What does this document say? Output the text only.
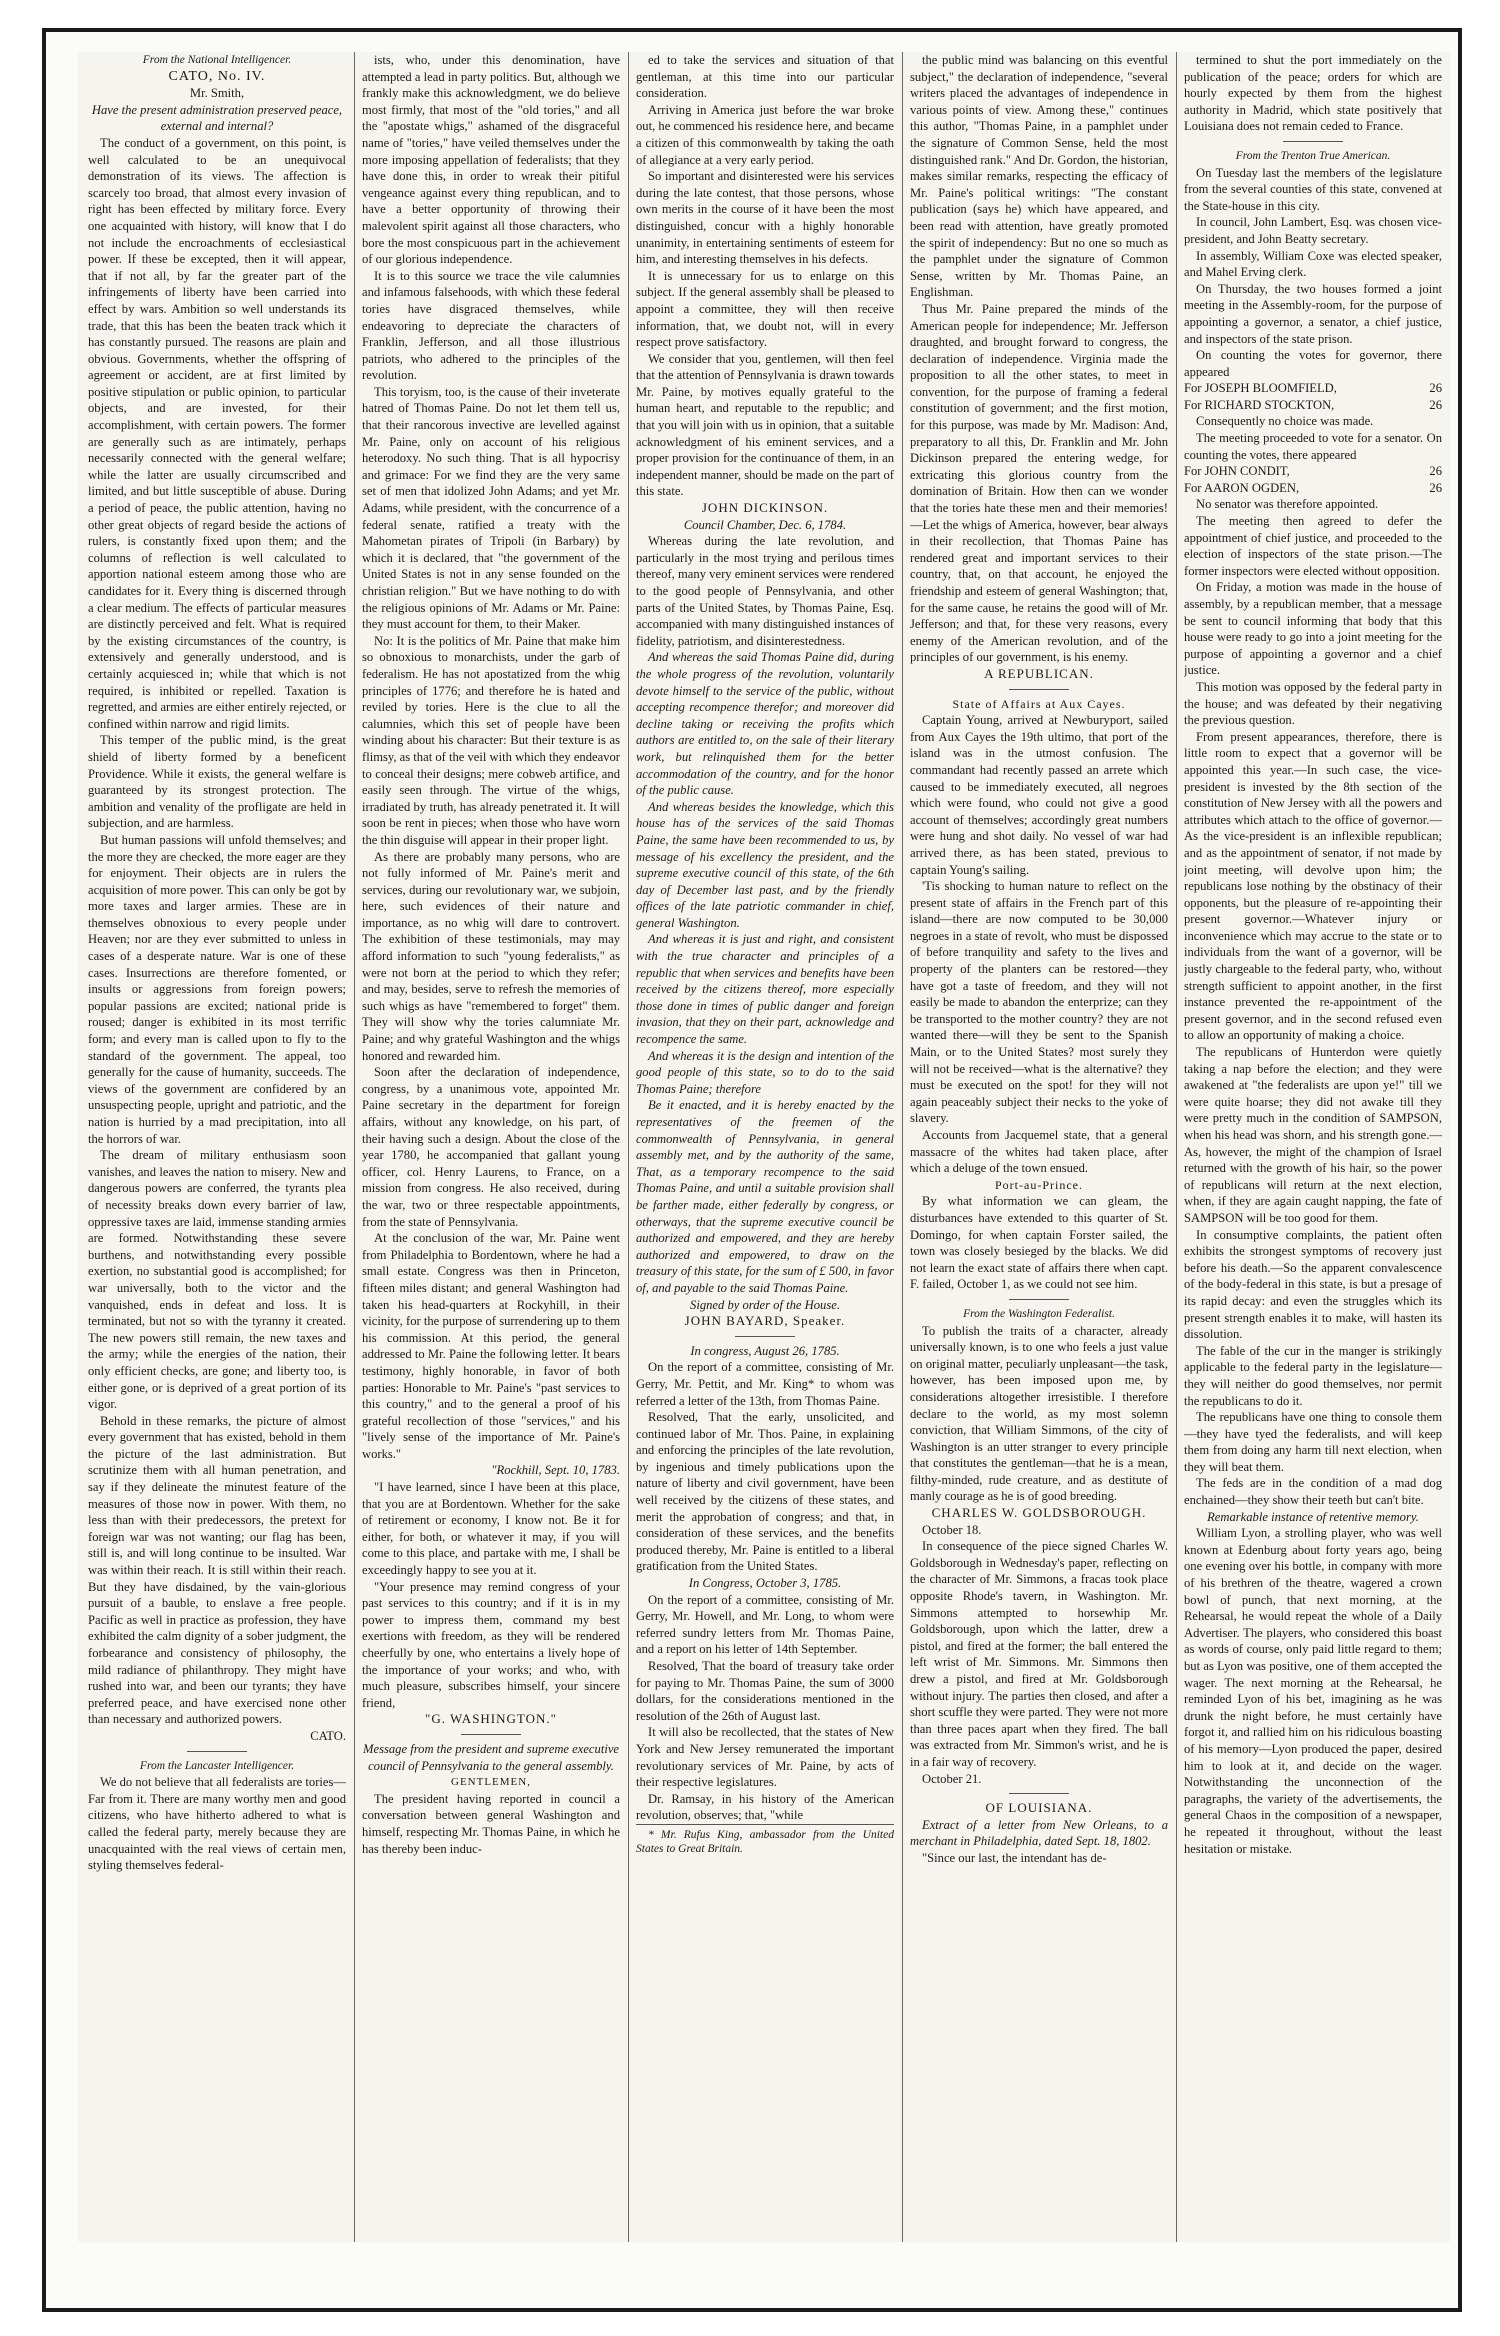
From the National Intelligencer.

CATO, No. IV.

Mr. Smith,

Have the present administration preserved peace, external and internal?

The conduct of a government, on this point, is well calculated to be an unequivocal demonstration of its views. The affection is scarcely too broad, that almost every invasion of right has been effected by military force. Every one acquainted with history, will know that I do not include the encroachments of ecclesiastical power. If these be excepted, then it will appear, that if not all, by far the greater part of the infringements of liberty have been carried into effect by wars. Ambition so well understands its trade, that this has been the beaten track which it has constantly pursued. The reasons are plain and obvious. Governments, whether the offspring of agreement or accident, are at first limited by positive stipulation or public opinion, to particular objects, and are invested, for their accomplishment, with certain powers. The former are generally such as are intimately, perhaps necessarily connected with the general welfare; while the latter are usually circumscribed and limited, and but little susceptible of abuse. During a period of peace, the public attention, having no other great objects of regard beside the actions of rulers, is constantly fixed upon them; and the columns of reflection is well calculated to apportion national esteem among those who are candidates for it. Every thing is discerned through a clear medium. The effects of particular measures are distinctly perceived and felt. What is required by the existing circumstances of the country, is extensively and generally understood, and is certainly acquiesced in; while that which is not required, is inhibited or repelled. Taxation is regretted, and armies are either entirely rejected, or confined within narrow and rigid limits.

This temper of the public mind, is the great shield of liberty formed by a beneficent Providence. While it exists, the general welfare is guaranteed by its strongest protection. The ambition and venality of the profligate are held in subjection, and are harmless.

But human passions will unfold themselves; and the more they are checked, the more eager are they for enjoyment. Their objects are in rulers the acquisition of more power. This can only be got by more taxes and larger armies. These are in themselves obnoxious to every people under Heaven; nor are they ever submitted to unless in cases of a desperate nature. War is one of these cases. Insurrections are therefore fomented, or insults or aggressions from foreign powers; popular passions are excited; national pride is roused; danger is exhibited in its most terrific form; and every man is called upon to fly to the standard of the government. The appeal, too generally for the cause of humanity, succeeds. The views of the government are confidered by an unsuspecting people, upright and patriotic, and the nation is hurried by a mad precipitation, into all the horrors of war.

The dream of military enthusiasm soon vanishes, and leaves the nation to misery. New and dangerous powers are conferred, the tyrants plea of necessity breaks down every barrier of law, oppressive taxes are laid, immense standing armies are formed. Notwithstanding these severe burthens, and notwithstanding every possible exertion, no substantial good is accomplished; for war universally, both to the victor and the vanquished, ends in defeat and loss. It is terminated, but not so with the tyranny it created. The new powers still remain, the new taxes and the army; while the energies of the nation, their only efficient checks, are gone; and liberty too, is either gone, or is deprived of a great portion of its vigor.

Behold in these remarks, the picture of almost every government that has existed, behold in them the picture of the last administration. But scrutinize them with all human penetration, and say if they delineate the minutest feature of the measures of those now in power. With them, no less than with their predecessors, the pretext for foreign war was not wanting; our flag has been, still is, and will long continue to be insulted. War was within their reach. It is still within their reach. But they have disdained, by the vain-glorious pursuit of a bauble, to enslave a free people. Pacific as well in practice as profession, they have exhibited the calm dignity of a sober judgment, the forbearance and consistency of philosophy, the mild radiance of philanthropy. They might have rushed into war, and been our tyrants; they have preferred peace, and have exercised none other than necessary and authorized powers.

CATO.

From the Lancaster Intelligencer.

We do not believe that all federalists are tories—Far from it. There are many worthy men and good citizens, who have hitherto adhered to what is called the federal party, merely because they are unacquainted with the real views of certain men, styling themselves federal-

ists, who, under this denomination, have attempted a lead in party politics. But, although we frankly make this acknowledgment, we do believe most firmly, that most of the "old tories," and all the "apostate whigs," ashamed of the disgraceful name of "tories," have veiled themselves under the more imposing appellation of federalists; that they have done this, in order to wreak their pitiful vengeance against every thing republican, and to have a better opportunity of throwing their malevolent spirit against all those characters, who bore the most conspicuous part in the achievement of our glorious independence.

It is to this source we trace the vile calumnies and infamous falsehoods, with which these federal tories have disgraced themselves, while endeavoring to depreciate the characters of Franklin, Jefferson, and all those illustrious patriots, who adhered to the principles of the revolution.

This toryism, too, is the cause of their inveterate hatred of Thomas Paine. Do not let them tell us, that their rancorous invective are levelled against Mr. Paine, only on account of his religious heterodoxy. No such thing. That is all hypocrisy and grimace: For we find they are the very same set of men that idolized John Adams; and yet Mr. Adams, while president, with the concurrence of a federal senate, ratified a treaty with the Mahometan pirates of Tripoli (in Barbary) by which it is declared, that "the government of the United States is not in any sense founded on the christian religion." But we have nothing to do with the religious opinions of Mr. Adams or Mr. Paine: they must account for them, to their Maker.

No: It is the politics of Mr. Paine that make him so obnoxious to monarchists, under the garb of federalism. He has not apostatized from the whig principles of 1776; and therefore he is hated and reviled by tories. Here is the clue to all the calumnies, which this set of people have been winding about his character: But their texture is as flimsy, as that of the veil with which they endeavor to conceal their designs; mere cobweb artifice, and easily seen through. The virtue of the whigs, irradiated by truth, has already penetrated it. It will soon be rent in pieces; when those who have worn the thin disguise will appear in their proper light.

As there are probably many persons, who are not fully informed of Mr. Paine's merit and services, during our revolutionary war, we subjoin, here, such evidences of their nature and importance, as no whig will dare to controvert. The exhibition of these testimonials, may may afford information to such "young federalists," as were not born at the period to which they refer; and may, besides, serve to refresh the memories of such whigs as have "remembered to forget" them. They will show why the tories calumniate Mr. Paine; and why grateful Washington and the whigs honored and rewarded him.

Soon after the declaration of independence, congress, by a unanimous vote, appointed Mr. Paine secretary in the department for foreign affairs, without any knowledge, on his part, of their having such a design. About the close of the year 1780, he accompanied that gallant young officer, col. Henry Laurens, to France, on a mission from congress. He also received, during the war, two or three respectable appointments, from the state of Pennsylvania.

At the conclusion of the war, Mr. Paine went from Philadelphia to Bordentown, where he had a small estate. Congress was then in Princeton, fifteen miles distant; and general Washington had taken his head-quarters at Rockyhill, in their vicinity, for the purpose of surrendering up to them his commission. At this period, the general addressed to Mr. Paine the following letter. It bears testimony, highly honorable, in favor of both parties: Honorable to Mr. Paine's "past services to this country," and to the general a proof of his grateful recollection of those "services," and his "lively sense of the importance of Mr. Paine's works."

"Rockhill, Sept. 10, 1783.

"I have learned, since I have been at this place, that you are at Bordentown. Whether for the sake of retirement or economy, I know not. Be it for either, for both, or whatever it may, if you will come to this place, and partake with me, I shall be exceedingly happy to see you at it.

"Your presence may remind congress of your past services to this country; and if it is in my power to impress them, command my best exertions with freedom, as they will be rendered cheerfully by one, who entertains a lively hope of the importance of your works; and who, with much pleasure, subscribes himself, your sincere friend,

"G. WASHINGTON."

Message from the president and supreme executive council of Pennsylvania to the general assembly.

GENTLEMEN,

The president having reported in council a conversation between general Washington and himself, respecting Mr. Thomas Paine, in which he has thereby been induc-

ed to take the services and situation of that gentleman, at this time into our particular consideration.

Arriving in America just before the war broke out, he commenced his residence here, and became a citizen of this commonwealth by taking the oath of allegiance at a very early period.

So important and disinterested were his services during the late contest, that those persons, whose own merits in the course of it have been the most distinguished, concur with a highly honorable unanimity, in entertaining sentiments of esteem for him, and interesting themselves in his defects.

It is unnecessary for us to enlarge on this subject. If the general assembly shall be pleased to appoint a committee, they will then receive information, that, we doubt not, will in every respect prove satisfactory.

We consider that you, gentlemen, will then feel that the attention of Pennsylvania is drawn towards Mr. Paine, by motives equally grateful to the human heart, and reputable to the republic; and that you will join with us in opinion, that a suitable acknowledgment of his eminent services, and a proper provision for the continuance of them, in an independent manner, should be made on the part of this state.

JOHN DICKINSON.

Council Chamber, Dec. 6, 1784.

Whereas during the late revolution, and particularly in the most trying and perilous times thereof, many very eminent services were rendered to the good people of Pennsylvania, and other parts of the United States, by Thomas Paine, Esq. accompanied with many distinguished instances of fidelity, patriotism, and disinterestedness.

And whereas the said Thomas Paine did, during the whole progress of the revolution, voluntarily devote himself to the service of the public, without accepting recompence therefor; and moreover did decline taking or receiving the profits which authors are entitled to, on the sale of their literary work, but relinquished them for the better accommodation of the country, and for the honor of the public cause.

And whereas besides the knowledge, which this house has of the services of the said Thomas Paine, the same have been recommended to us, by message of his excellency the president, and the supreme executive council of this state, of the 6th day of December last past, and by the friendly offices of the late patriotic commander in chief, general Washington.

And whereas it is just and right, and consistent with the true character and principles of a republic that when services and benefits have been received by the citizens thereof, more especially those done in times of public danger and foreign invasion, that they on their part, acknowledge and recompence the same.

And whereas it is the design and intention of the good people of this state, so to do to the said Thomas Paine; therefore

Be it enacted, and it is hereby enacted by the representatives of the freemen of the commonwealth of Pennsylvania, in general assembly met, and by the authority of the same, That, as a temporary recompence to the said Thomas Paine, and until a suitable provision shall be farther made, either federally by congress, or otherways, that the supreme executive council be authorized and empowered, and they are hereby authorized and empowered, to draw on the treasury of this state, for the sum of £ 500, in favor of, and payable to the said Thomas Paine.

Signed by order of the House.

JOHN BAYARD, Speaker.

In congress, August 26, 1785.

On the report of a committee, consisting of Mr. Gerry, Mr. Pettit, and Mr. King* to whom was referred a letter of the 13th, from Thomas Paine.

Resolved, That the early, unsolicited, and continued labor of Mr. Thos. Paine, in explaining and enforcing the principles of the late revolution, by ingenious and timely publications upon the nature of liberty and civil government, have been well received by the citizens of these states, and merit the approbation of congress; and that, in consideration of these services, and the benefits produced thereby, Mr. Paine is entitled to a liberal gratification from the United States.

In Congress, October 3, 1785.

On the report of a committee, consisting of Mr. Gerry, Mr. Howell, and Mr. Long, to whom were referred sundry letters from Mr. Thomas Paine, and a report on his letter of 14th September.

Resolved, That the board of treasury take order for paying to Mr. Thomas Paine, the sum of 3000 dollars, for the considerations mentioned in the resolution of the 26th of August last.

It will also be recollected, that the states of New York and New Jersey remunerated the important revolutionary services of Mr. Paine, by acts of their respective legislatures.

Dr. Ramsay, in his history of the American revolution, observes; that, "while

* Mr. Rufus King, ambassador from the United States to Great Britain.

the public mind was balancing on this eventful subject," the declaration of independence, "several writers placed the advantages of independence in various points of view. Among these," continues this author, "Thomas Paine, in a pamphlet under the signature of Common Sense, held the most distinguished rank." And Dr. Gordon, the historian, makes similar remarks, respecting the efficacy of Mr. Paine's political writings: "The constant publication (says he) which have appeared, and been read with attention, have greatly promoted the spirit of independency: But no one so much as the pamphlet under the signature of Common Sense, written by Mr. Thomas Paine, an Englishman.

Thus Mr. Paine prepared the minds of the American people for independence; Mr. Jefferson draughted, and brought forward to congress, the declaration of independence. Virginia made the proposition to all the other states, to meet in convention, for the purpose of framing a federal constitution of government; and the first motion, for this purpose, was made by Mr. Madison: And, preparatory to all this, Dr. Franklin and Mr. John Dickinson prepared the entering wedge, for extricating this glorious country from the domination of Britain. How then can we wonder that the tories hate these men and their memories!—Let the whigs of America, however, bear always in their recollection, that Thomas Paine has rendered great and important services to their country, that, on that account, he enjoyed the friendship and esteem of general Washington; that, for the same cause, he retains the good will of Mr. Jefferson; and that, for these very reasons, every enemy of the American revolution, and of the principles of our government, is his enemy.

A REPUBLICAN.

State of Affairs at Aux Cayes.

Captain Young, arrived at Newburyport, sailed from Aux Cayes the 19th ultimo, that port of the island was in the utmost confusion. The commandant had recently passed an arrete which caused to be immediately executed, all negroes which were found, who could not give a good account of themselves; accordingly great numbers were hung and shot daily. No vessel of war had arrived there, as has been stated, previous to captain Young's sailing.

'Tis shocking to human nature to reflect on the present state of affairs in the French part of this island—there are now computed to be 30,000 negroes in a state of revolt, who must be dispossed of before tranquility and safety to the lives and property of the planters can be restored—they have got a taste of freedom, and they will not easily be made to abandon the enterprize; can they be transported to the mother country? they are not wanted there—will they be sent to the Spanish Main, or to the United States? most surely they will not be received—what is the alternative? they must be executed on the spot! for they will not again peaceably subject their necks to the yoke of slavery.

Accounts from Jacquemel state, that a general massacre of the whites had taken place, after which a deluge of the town ensued.

Port-au-Prince.

By what information we can gleam, the disturbances have extended to this quarter of St. Domingo, for when captain Forster sailed, the town was closely besieged by the blacks. We did not learn the exact state of affairs there when capt. F. failed, October 1, as we could not see him.

From the Washington Federalist.

To publish the traits of a character, already universally known, is to one who feels a just value on original matter, peculiarly unpleasant—the task, however, has been imposed upon me, by considerations altogether irresistible. I therefore declare to the world, as my most solemn conviction, that William Simmons, of the city of Washington is an utter stranger to every principle that constitutes the gentleman—that he is a mean, filthy-minded, rude creature, and as destitute of manly courage as he is of good breeding.

CHARLES W. GOLDSBOROUGH.

October 18.

In consequence of the piece signed Charles W. Goldsborough in Wednesday's paper, reflecting on the character of Mr. Simmons, a fracas took place opposite Rhode's tavern, in Washington. Mr. Simmons attempted to horsewhip Mr. Goldsborough, upon which the latter, drew a pistol, and fired at the former; the ball entered the left wrist of Mr. Simmons. Mr. Simmons then drew a pistol, and fired at Mr. Goldsborough without injury. The parties then closed, and after a short scuffle they were parted. They were not more than three paces apart when they fired. The ball was extracted from Mr. Simmon's wrist, and he is in a fair way of recovery.

October 21.

OF LOUISIANA.

Extract of a letter from New Orleans, to a merchant in Philadelphia, dated Sept. 18, 1802.

"Since our last, the intendant has de-

termined to shut the port immediately on the publication of the peace; orders for which are hourly expected by them from the highest authority in Madrid, which state positively that Louisiana does not remain ceded to France.

From the Trenton True American.

On Tuesday last the members of the legislature from the several counties of this state, convened at the State-house in this city.

In council, John Lambert, Esq. was chosen vice-president, and John Beatty secretary.

In assembly, William Coxe was elected speaker, and Mahel Erving clerk.

On Thursday, the two houses formed a joint meeting in the Assembly-room, for the purpose of appointing a governor, a senator, a chief justice, and inspectors of the state prison.

On counting the votes for governor, there appeared

For JOSEPH BLOOMFIELD,	26

For RICHARD STOCKTON,	26

Consequently no choice was made.

The meeting proceeded to vote for a senator. On counting the votes, there appeared

For JOHN CONDIT,	26

For AARON OGDEN,	26

No senator was therefore appointed.

The meeting then agreed to defer the appointment of chief justice, and proceeded to the election of inspectors of the state prison.—The former inspectors were elected without opposition.

On Friday, a motion was made in the house of assembly, by a republican member, that a message be sent to council informing that body that this house were ready to go into a joint meeting for the purpose of appointing a governor and a chief justice.

This motion was opposed by the federal party in the house; and was defeated by their negativing the previous question.

From present appearances, therefore, there is little room to expect that a governor will be appointed this year.—In such case, the vice-president is invested by the 8th section of the constitution of New Jersey with all the powers and attributes which attach to the office of governor.—As the vice-president is an inflexible republican; and as the appointment of senator, if not made by joint meeting, will devolve upon him; the republicans lose nothing by the obstinacy of their opponents, but the pleasure of re-appointing their present governor.—Whatever injury or inconvenience which may accrue to the state or to individuals from the want of a governor, will be justly chargeable to the federal party, who, without strength sufficient to appoint another, in the first instance prevented the re-appointment of the present governor, and in the second refused even to allow an opportunity of making a choice.

The republicans of Hunterdon were quietly taking a nap before the election; and they were awakened at "the federalists are upon ye!" till we were quite hoarse; they did not awake till they were pretty much in the condition of SAMPSON, when his head was shorn, and his strength gone.—As, however, the might of the champion of Israel returned with the growth of his hair, so the power of republicans will return at the next election, when, if they are again caught napping, the fate of SAMPSON will be too good for them.

In consumptive complaints, the patient often exhibits the strongest symptoms of recovery just before his death.—So the apparent convalescence of the body-federal in this state, is but a presage of its rapid decay: and even the struggles which its present strength enables it to make, will hasten its dissolution.

The fable of the cur in the manger is strikingly applicable to the federal party in the legislature—they will neither do good themselves, nor permit the republicans to do it.

The republicans have one thing to console them—they have tyed the federalists, and will keep them from doing any harm till next election, when they will beat them.

The feds are in the condition of a mad dog enchained—they show their teeth but can't bite.

Remarkable instance of retentive memory.

William Lyon, a strolling player, who was well known at Edenburg about forty years ago, being one evening over his bottle, in company with more of his brethren of the theatre, wagered a crown bowl of punch, that next morning, at the Rehearsal, he would repeat the whole of a Daily Advertiser. The players, who considered this boast as words of course, only paid little regard to them; but as Lyon was positive, one of them accepted the wager. The next morning at the Rehearsal, he reminded Lyon of his bet, imagining as he was drunk the night before, he must certainly have forgot it, and rallied him on his ridiculous boasting of his memory—Lyon produced the paper, desired him to look at it, and decide on the wager. Notwithstanding the unconnection of the paragraphs, the variety of the advertisements, the general Chaos in the composition of a newspaper, he repeated it throughout, without the least hesitation or mistake.
